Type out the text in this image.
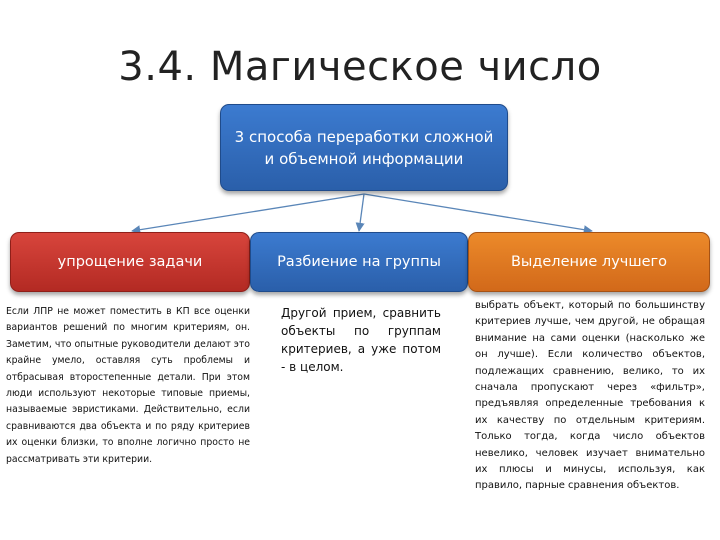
3.4. Магическое число
3 способа переработки сложной и объемной информации
упрощение задачи	Разбиение на группы	Выделение лучшего
Если ЛПР не может поместить в КП все оценки вариантов решений по многим критериям, он. Заметим, что опытные руководители делают это крайне умело, оставляя суть проблемы и отбрасывая второстепенные детали. При этом люди используют некоторые типовые приемы, называемые эвристиками. Действительно, если сравниваются два объекта и по ряду критериев их оценки близки, то вполне логично просто не рассматривать эти критерии.
Другой прием, сравнить объекты по группам критериев, а уже потом - в целом.
выбрать объект, который по большинству критериев лучше, чем другой, не обращая внимание на сами оценки (насколько же он лучше). Если количество объектов, подлежащих сравнению, велико, то их сначала пропускают через «фильтр», предъявляя определенные требования к их качеству по отдельным критериям. Только тогда, когда число объектов невелико, человек изучает внимательно их плюсы и минусы, используя, как правило, парные сравнения объектов.
